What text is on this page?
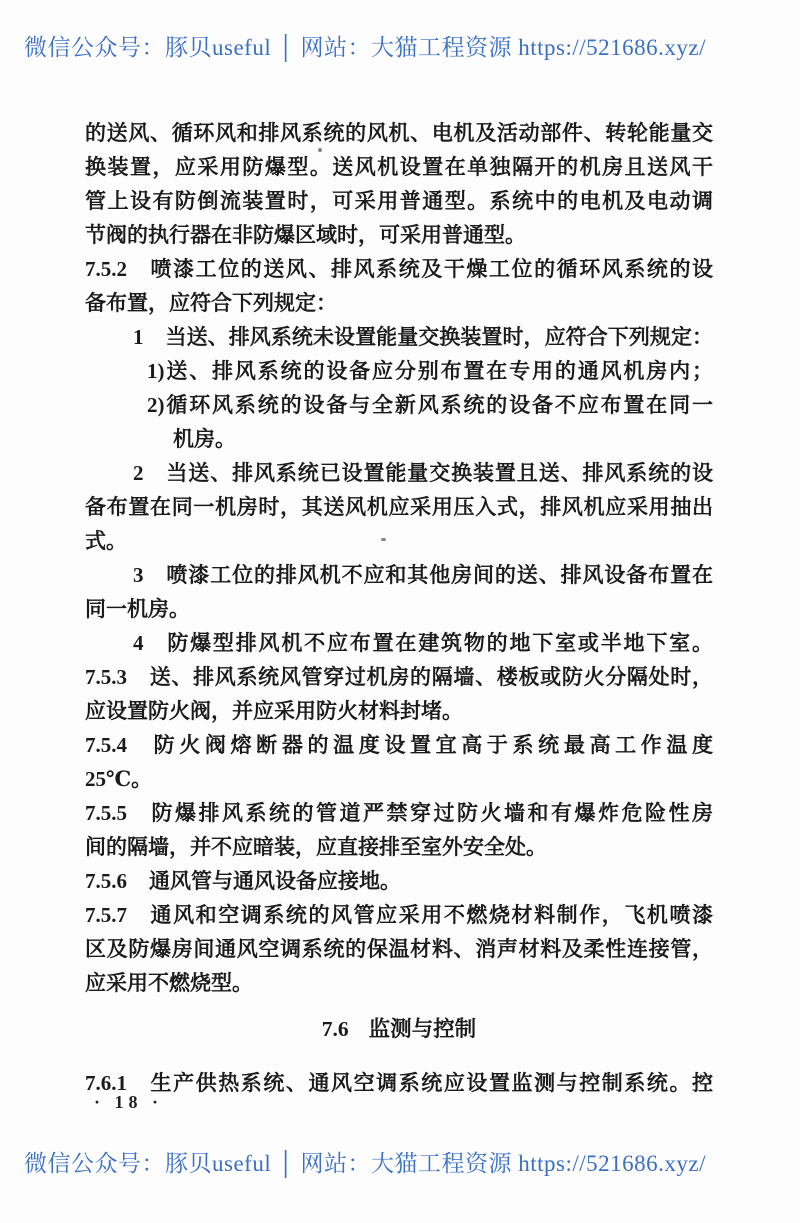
微信公众号：豚贝useful │ 网站：大猫工程资源 https://521686.xyz/
的送风、循环风和排风系统的风机、电机及活动部件、转轮能量交
换装置，应采用防爆型。送风机设置在单独隔开的机房且送风干
管上设有防倒流装置时，可采用普通型。系统中的电机及电动调
节阀的执行器在非防爆区域时，可采用普通型。
7.5.2 喷漆工位的送风、排风系统及干燥工位的循环风系统的设
备布置，应符合下列规定：
1 当送、排风系统未设置能量交换装置时，应符合下列规定：
1)送、排风系统的设备应分别布置在专用的通风机房内；
2)循环风系统的设备与全新风系统的设备不应布置在同一
机房。
2 当送、排风系统已设置能量交换装置且送、排风系统的设
备布置在同一机房时，其送风机应采用压入式，排风机应采用抽出
式。
3 喷漆工位的排风机不应和其他房间的送、排风设备布置在
同一机房。
4 防爆型排风机不应布置在建筑物的地下室或半地下室。
7.5.3 送、排风系统风管穿过机房的隔墙、楼板或防火分隔处时，
应设置防火阀，并应采用防火材料封堵。
7.5.4 防火阀熔断器的温度设置宜高于系统最高工作温度
25℃。
7.5.5 防爆排风系统的管道严禁穿过防火墙和有爆炸危险性房
间的隔墙，并不应暗装，应直接排至室外安全处。
7.5.6 通风管与通风设备应接地。
7.5.7 通风和空调系统的风管应采用不燃烧材料制作，飞机喷漆
区及防爆房间通风空调系统的保温材料、消声材料及柔性连接管，
应采用不燃烧型。
7.6 监测与控制
7.6.1 生产供热系统、通风空调系统应设置监测与控制系统。控
· 18 ·
微信公众号：豚贝useful │ 网站：大猫工程资源 https://521686.xyz/
